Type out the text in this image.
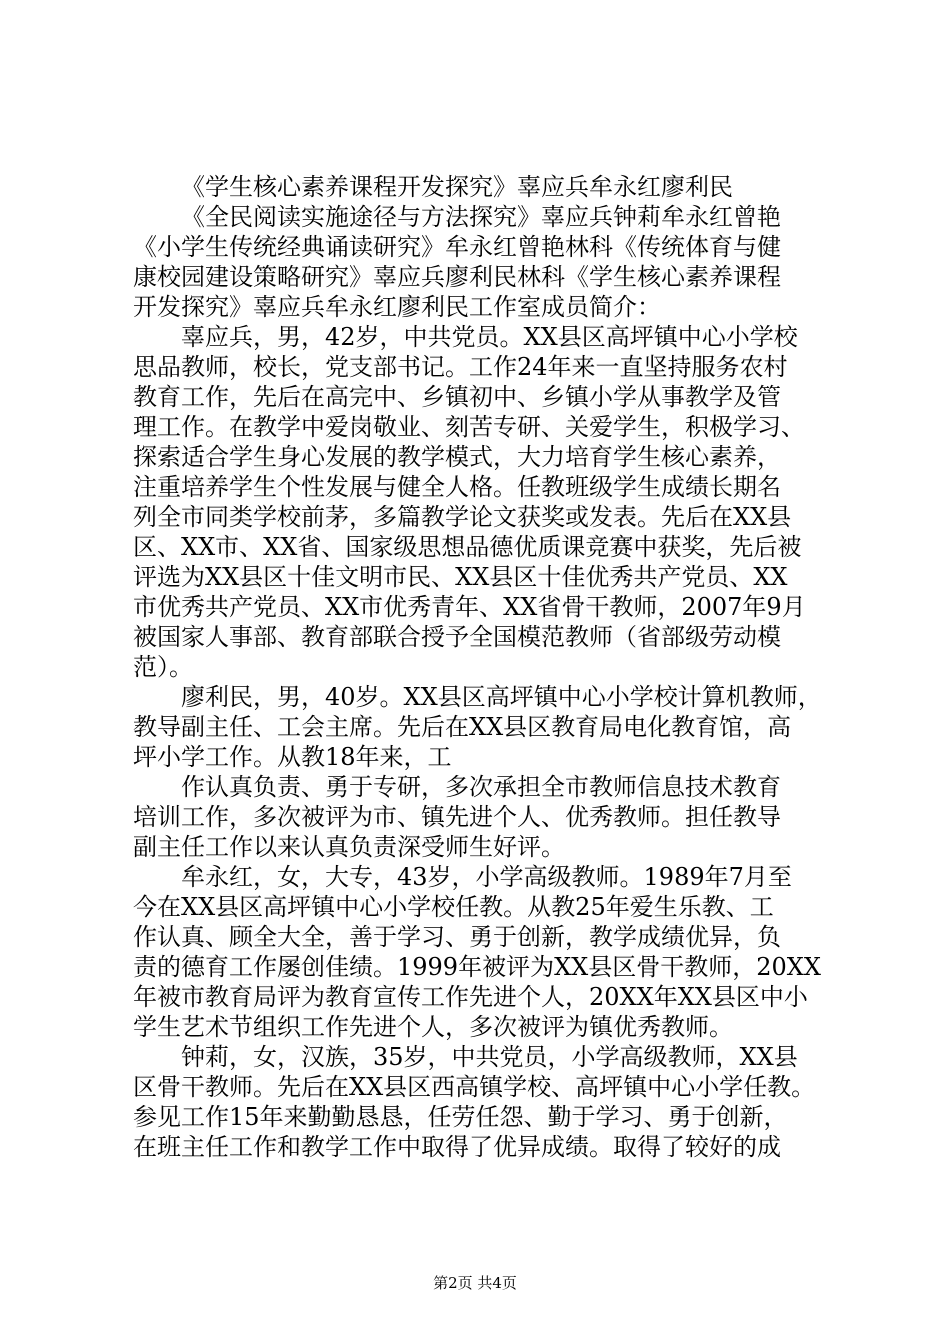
《学生核心素养课程开发探究》辜应兵牟永红廖利民
《全民阅读实施途径与方法探究》辜应兵钟莉牟永红曾艳
《小学生传统经典诵读研究》牟永红曾艳林科《传统体育与健
康校园建设策略研究》辜应兵廖利民林科《学生核心素养课程
开发探究》辜应兵牟永红廖利民工作室成员简介：
辜应兵，男，42岁，中共党员。XX县区高坪镇中心小学校
思品教师，校长，党支部书记。工作24年来一直坚持服务农村
教育工作，先后在高完中、乡镇初中、乡镇小学从事教学及管
理工作。在教学中爱岗敬业、刻苦专研、关爱学生，积极学习、
探索适合学生身心发展的教学模式，大力培育学生核心素养，
注重培养学生个性发展与健全人格。任教班级学生成绩长期名
列全市同类学校前茅，多篇教学论文获奖或发表。先后在XX县
区、XX市、XX省、国家级思想品德优质课竞赛中获奖，先后被
评选为XX县区十佳文明市民、XX县区十佳优秀共产党员、XX
市优秀共产党员、XX市优秀青年、XX省骨干教师，2007年9月
被国家人事部、教育部联合授予全国模范教师（省部级劳动模
范）。
廖利民，男，40岁。XX县区高坪镇中心小学校计算机教师，
教导副主任、工会主席。先后在XX县区教育局电化教育馆，高
坪小学工作。从教18年来，工
作认真负责、勇于专研，多次承担全市教师信息技术教育
培训工作，多次被评为市、镇先进个人、优秀教师。担任教导
副主任工作以来认真负责深受师生好评。
牟永红，女，大专，43岁，小学高级教师。1989年7月至
今在XX县区高坪镇中心小学校任教。从教25年爱生乐教、工
作认真、顾全大全，善于学习、勇于创新，教学成绩优异，负
责的德育工作屡创佳绩。1999年被评为XX县区骨干教师，20XX
年被市教育局评为教育宣传工作先进个人，20XX年XX县区中小
学生艺术节组织工作先进个人，多次被评为镇优秀教师。
钟莉，女，汉族，35岁，中共党员，小学高级教师，XX县
区骨干教师。先后在XX县区西高镇学校、高坪镇中心小学任教。
参见工作15年来勤勤恳恳，任劳任怨、勤于学习、勇于创新，
在班主任工作和教学工作中取得了优异成绩。取得了较好的成
第2页 共4页
